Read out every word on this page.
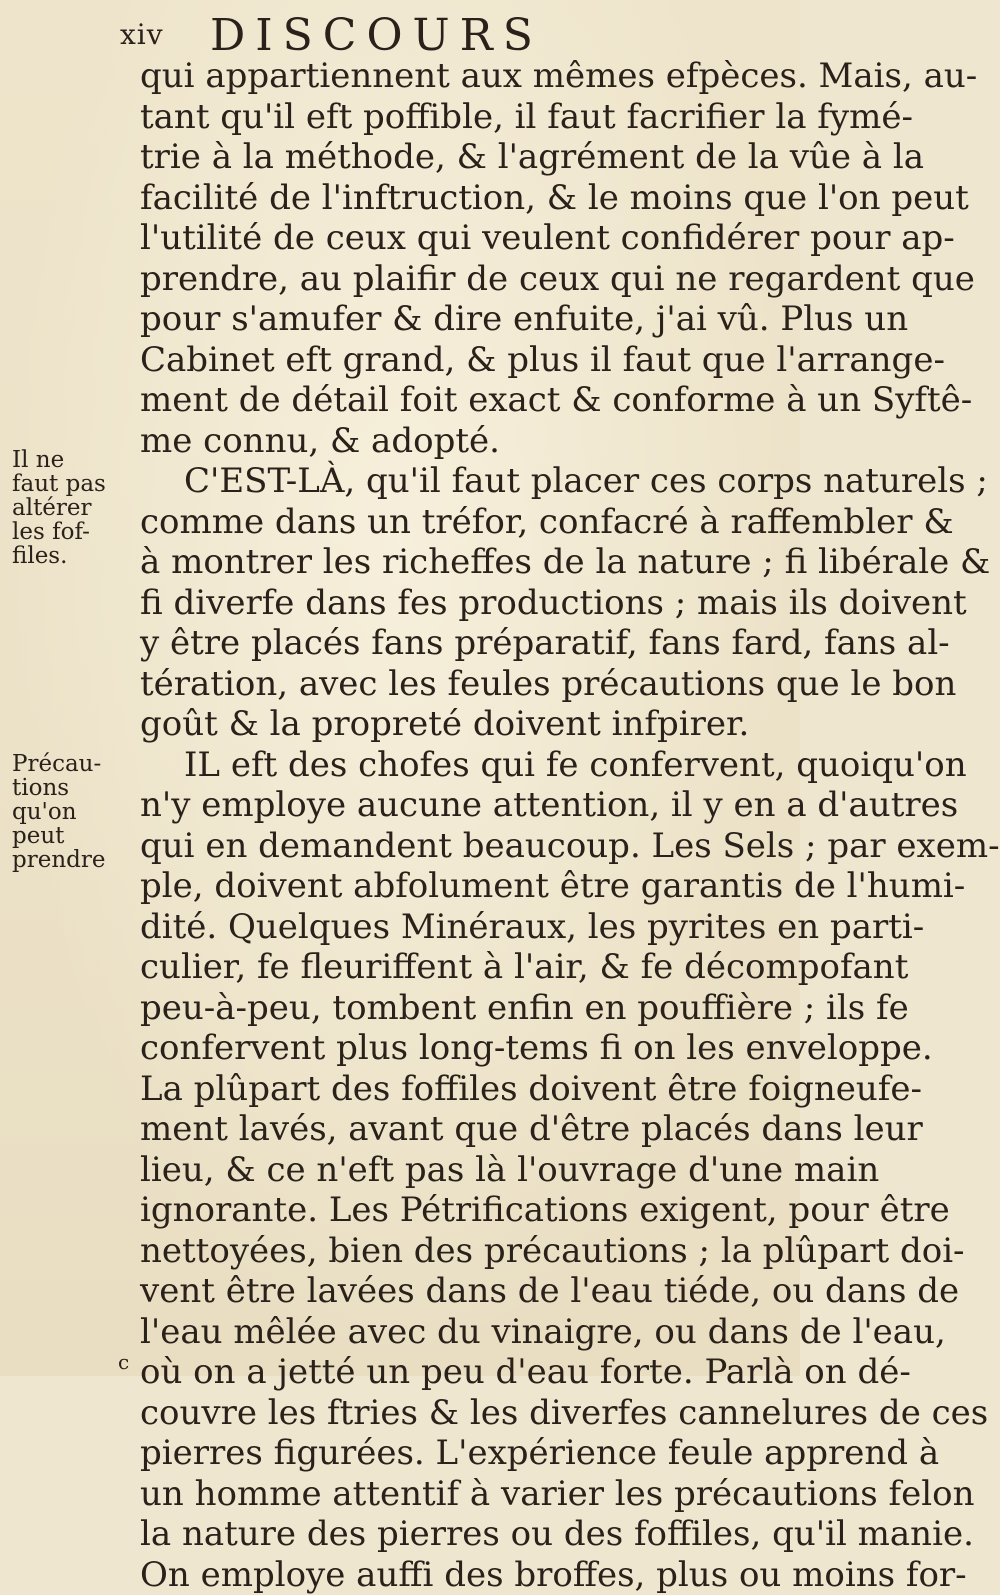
xiv DISCOURS
qui appartiennent aux mêmes efpèces. Mais, au-
tant qu'il eft poffible, il faut facrifier la fymé-
trie à la méthode, & l'agrément de la vûe à la
facilité de l'inftruction, & le moins que l'on peut
l'utilité de ceux qui veulent confidérer pour ap-
prendre, au plaifir de ceux qui ne regardent que
pour s'amufer & dire enfuite, j'ai vû. Plus un
Cabinet eft grand, & plus il faut que l'arrange-
ment de détail foit exact & conforme à un Syftê-
me connu, & adopté.
C'EST-LÀ, qu'il faut placer ces corps naturels ;
comme dans un tréfor, confacré à raffembler &
à montrer les richeffes de la nature ; fi libérale &
fi diverfe dans fes productions ; mais ils doivent
y être placés fans préparatif, fans fard, fans al-
tération, avec les feules précautions que le bon
goût & la propreté doivent infpirer.
IL eft des chofes qui fe confervent, quoiqu'on
n'y employe aucune attention, il y en a d'autres
qui en demandent beaucoup. Les Sels ; par exem-
ple, doivent abfolument être garantis de l'humi-
dité. Quelques Minéraux, les pyrites en parti-
culier, fe fleuriffent à l'air, & fe décompofant
peu-à-peu, tombent enfin en pouffière ; ils fe
confervent plus long-tems fi on les enveloppe.
La plûpart des foffiles doivent être foigneufe-
ment lavés, avant que d'être placés dans leur
lieu, & ce n'eft pas là l'ouvrage d'une main
ignorante. Les Pétrifications exigent, pour être
nettoyées, bien des précautions ; la plûpart doi-
vent être lavées dans de l'eau tiéde, ou dans de
l'eau mêlée avec du vinaigre, ou dans de l'eau,
où on a jetté un peu d'eau forte. Parlà on dé-
couvre les ftries & les diverfes cannelures de ces
pierres figurées. L'expérience feule apprend à
un homme attentif à varier les précautions felon
la nature des pierres ou des foffiles, qu'il manie.
On employe auffi des broffes, plus ou moins for-
Il ne
faut pas
altérer
les fof-
files.
Précau-
tions
qu'on
peut
prendre
c
